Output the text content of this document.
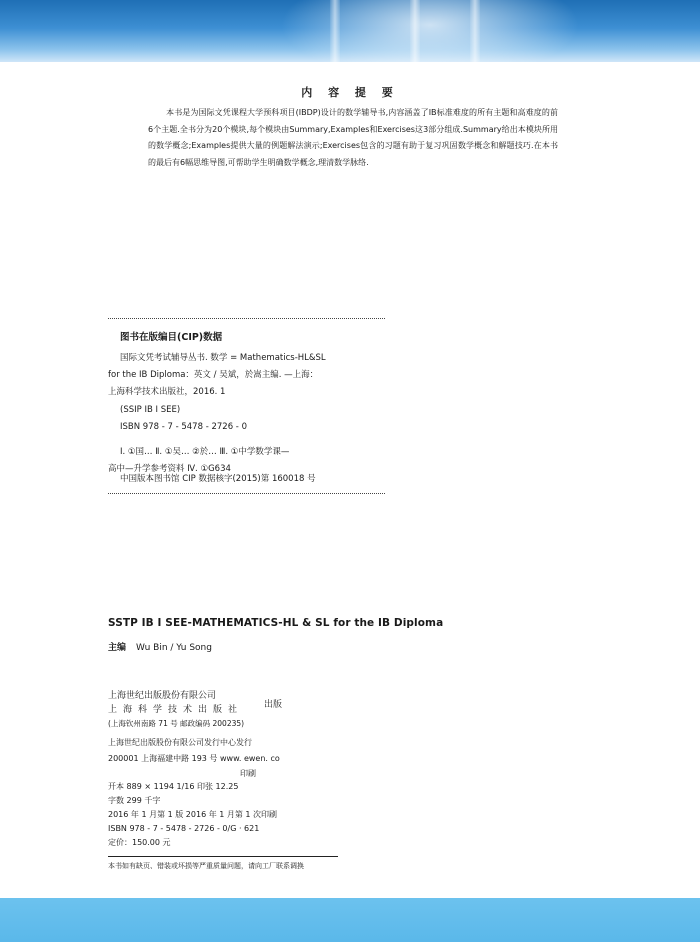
内 容 提 要

本书是为国际文凭课程大学预科项目(IBDP)设计的数学辅导书,内容涵盖了IB标准难度的所有主题和高难度的前6个主题.全书分为20个模块,每个模块由Summary,Examples和Exercises这3部分组成.Summary给出本模块所用的数学概念;Examples提供大量的例题解法演示;Exercises包含的习题有助于复习巩固数学概念和解题技巧.在本书的最后有6幅思维导图,可帮助学生明确数学概念,理清数学脉络.

图书在版编目(CIP)数据

国际文凭考试辅导丛书. 数学 = Mathematics-HL&SL
for the IB Diploma：英文 / 吴斌，於嵩主编. —上海：
上海科学技术出版社，2016. 1
(SSIP IB I SEE)
ISBN 978 - 7 - 5478 - 2726 - 0
Ⅰ. ①国… Ⅱ. ①吴… ②於… Ⅲ. ①中学数学课—
高中—升学参考资料 Ⅳ. ①G634

中国版本图书馆 CIP 数据核字(2015)第 160018 号

SSTP IB I SEE-MATHEMATICS-HL & SL for the IB Diploma

主编 Wu Bin / Yu Song

上海世纪出版股份有限公司
上海科学技术出版社 出版

(上海钦州南路 71 号 邮政编码 200235)

上海世纪出版股份有限公司发行中心发行

200001 上海福建中路 193 号 www. ewen. co

印刷

开本 889 × 1194 1/16 印张 12.25
字数 299 千字
2016 年 1 月第 1 版 2016 年 1 月第 1 次印刷
ISBN 978 - 7 - 5478 - 2726 - 0/G · 621
定价：150.00 元

本书如有缺页、错装或坏损等严重质量问题，请向工厂联系调换
